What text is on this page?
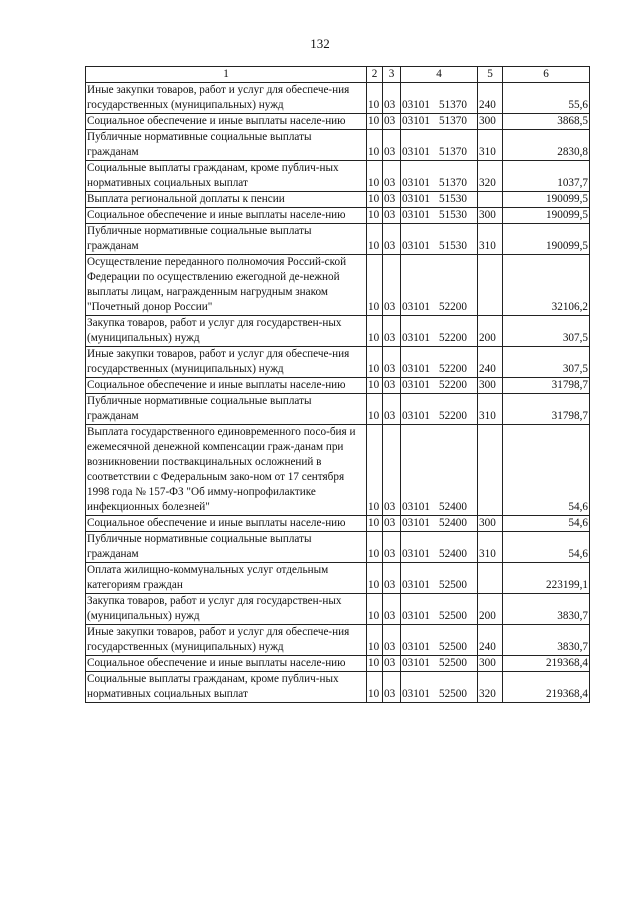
132
1	2	3	4	5	6
Иные закупки товаров, работ и услуг для обеспече-ния государственных (муниципальных) нужд	10	03	03101 51370	240	55,6
Социальное обеспечение и иные выплаты населе-нию	10	03	03101 51370	300	3868,5
Публичные нормативные социальные выплаты гражданам	10	03	03101 51370	310	2830,8
Социальные выплаты гражданам, кроме публич-ных нормативных социальных выплат	10	03	03101 51370	320	1037,7
Выплата региональной доплаты к пенсии	10	03	03101 51530		190099,5
Социальное обеспечение и иные выплаты населе-нию	10	03	03101 51530	300	190099,5
Публичные нормативные социальные выплаты гражданам	10	03	03101 51530	310	190099,5
Осуществление переданного полномочия Россий-ской Федерации по осуществлению ежегодной де-нежной выплаты лицам, награжденным нагрудным знаком "Почетный донор России"	10	03	03101 52200		32106,2
Закупка товаров, работ и услуг для государствен-ных (муниципальных) нужд	10	03	03101 52200	200	307,5
Иные закупки товаров, работ и услуг для обеспече-ния государственных (муниципальных) нужд	10	03	03101 52200	240	307,5
Социальное обеспечение и иные выплаты населе-нию	10	03	03101 52200	300	31798,7
Публичные нормативные социальные выплаты гражданам	10	03	03101 52200	310	31798,7
Выплата государственного единовременного посо-бия и ежемесячной денежной компенсации граж-данам при возникновении поствакцинальных осложнений в соответствии с Федеральным зако-ном от 17 сентября 1998 года № 157-ФЗ "Об имму-нопрофилактике инфекционных болезней"	10	03	03101 52400		54,6
Социальное обеспечение и иные выплаты населе-нию	10	03	03101 52400	300	54,6
Публичные нормативные социальные выплаты гражданам	10	03	03101 52400	310	54,6
Оплата жилищно-коммунальных услуг отдельным категориям граждан	10	03	03101 52500		223199,1
Закупка товаров, работ и услуг для государствен-ных (муниципальных) нужд	10	03	03101 52500	200	3830,7
Иные закупки товаров, работ и услуг для обеспече-ния государственных (муниципальных) нужд	10	03	03101 52500	240	3830,7
Социальное обеспечение и иные выплаты населе-нию	10	03	03101 52500	300	219368,4
Социальные выплаты гражданам, кроме публич-ных нормативных социальных выплат	10	03	03101 52500	320	219368,4
